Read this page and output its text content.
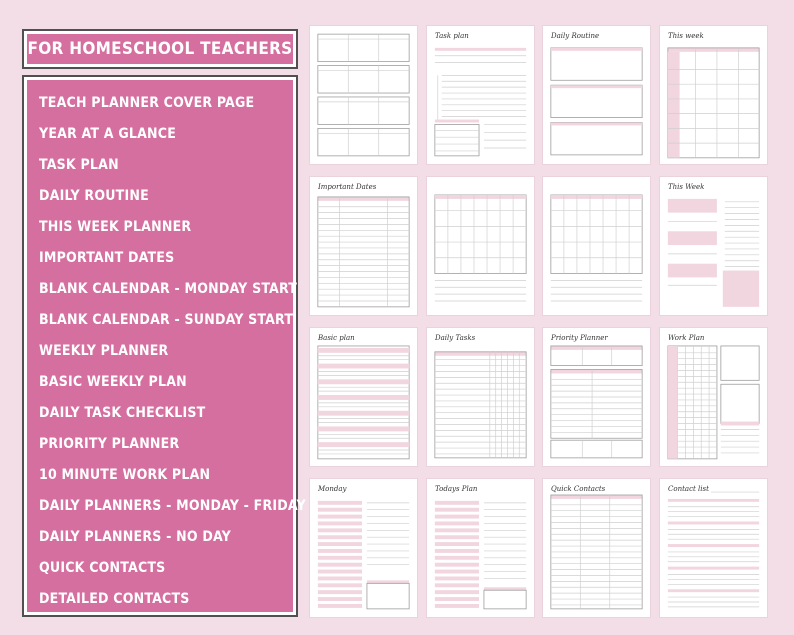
FOR HOMESCHOOL TEACHERS
TEACH PLANNER COVER PAGE
YEAR AT A GLANCE
TASK PLAN
DAILY ROUTINE
THIS WEEK PLANNER
IMPORTANT DATES
BLANK CALENDAR - MONDAY START
BLANK CALENDAR - SUNDAY START
WEEKLY PLANNER
BASIC WEEKLY PLAN
DAILY TASK CHECKLIST
PRIORITY PLANNER
10 MINUTE WORK PLAN
DAILY PLANNERS - MONDAY - FRIDAY
DAILY PLANNERS - NO DAY
QUICK CONTACTS
DETAILED CONTACTS
Task plan	Daily Routine	This week
Important Dates	This Week
Basic plan	Daily Tasks	Priority Planner	Work Plan
Monday	Todays Plan	Quick Contacts	Contact list
